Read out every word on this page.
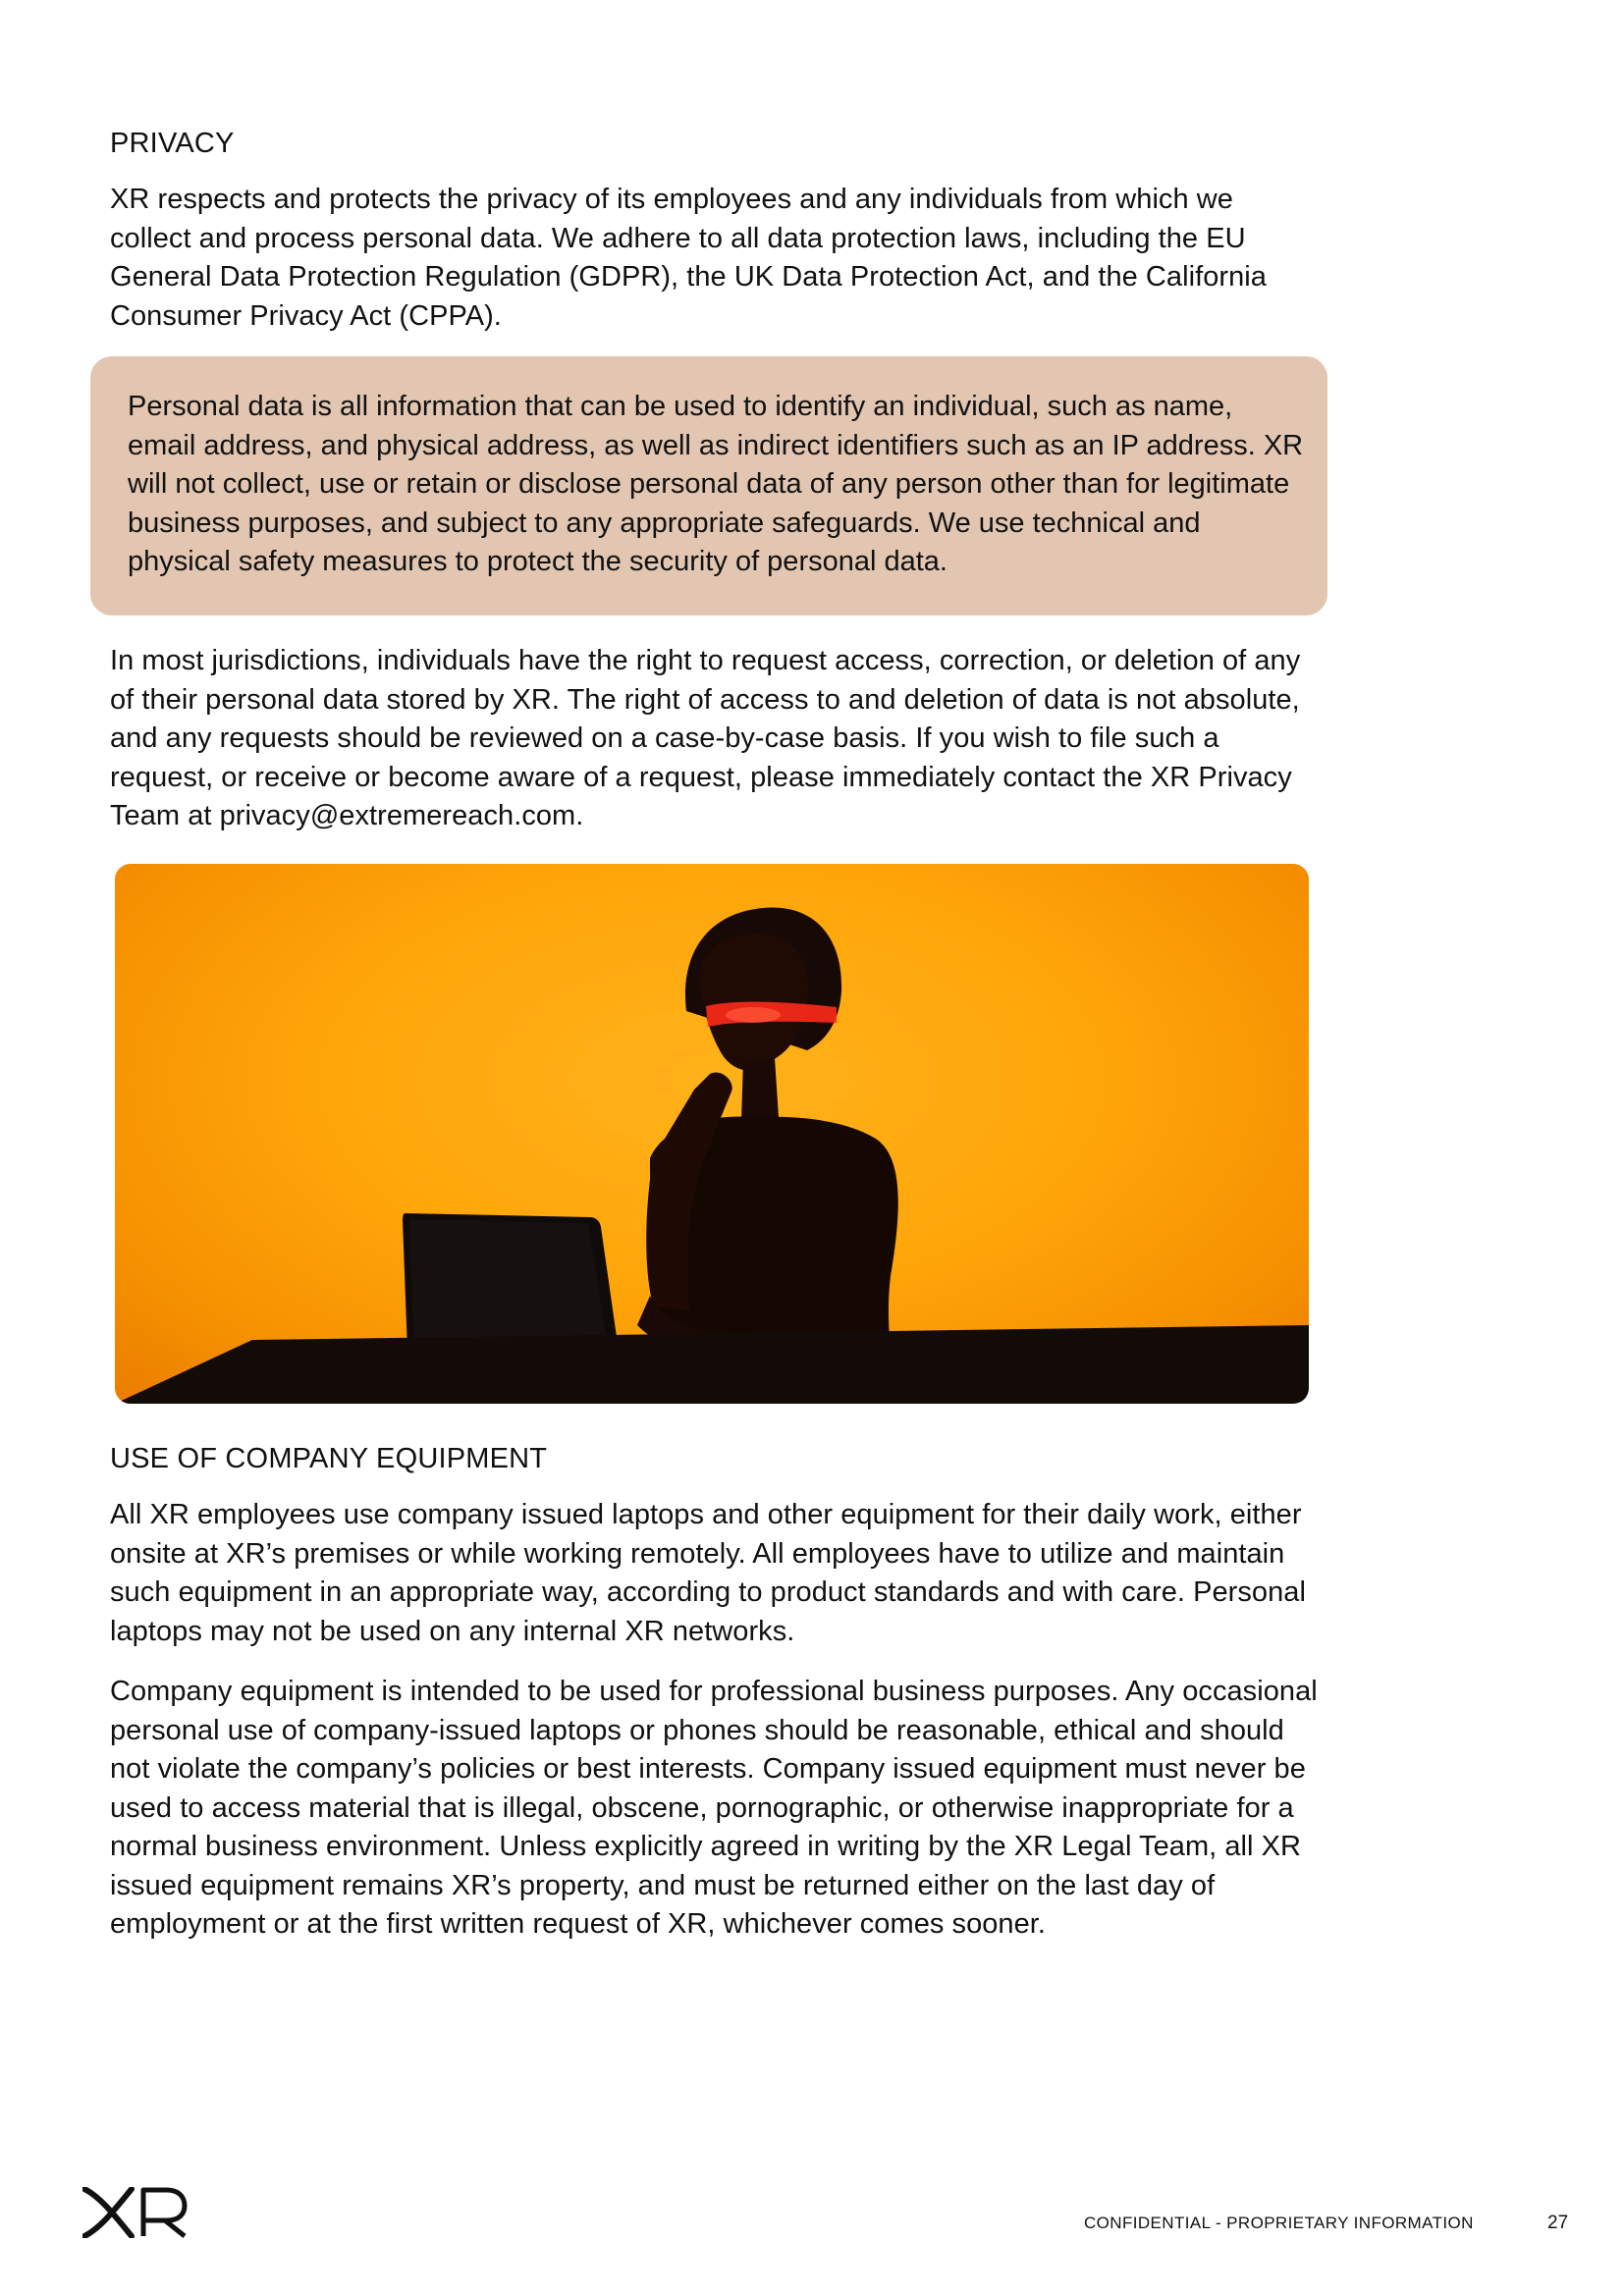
PRIVACY

XR respects and protects the privacy of its employees and any individuals from which we collect and process personal data. We adhere to all data protection laws, including the EU General Data Protection Regulation (GDPR), the UK Data Protection Act, and the California Consumer Privacy Act (CPPA).

Personal data is all information that can be used to identify an individual, such as name, email address, and physical address, as well as indirect identifiers such as an IP address. XR will not collect, use or retain or disclose personal data of any person other than for legitimate business purposes, and subject to any appropriate safeguards. We use technical and physical safety measures to protect the security of personal data.

In most jurisdictions, individuals have the right to request access, correction, or deletion of any of their personal data stored by XR. The right of access to and deletion of data is not absolute, and any requests should be reviewed on a case-by-case basis. If you wish to file such a request, or receive or become aware of a request, please immediately contact the XR Privacy Team at privacy@extremereach.com.

USE OF COMPANY EQUIPMENT

All XR employees use company issued laptops and other equipment for their daily work, either onsite at XR’s premises or while working remotely. All employees have to utilize and maintain such equipment in an appropriate way, according to product standards and with care. Personal laptops may not be used on any internal XR networks.

Company equipment is intended to be used for professional business purposes. Any occasional personal use of company-issued laptops or phones should be reasonable, ethical and should not violate the company’s policies or best interests. Company issued equipment must never be used to access material that is illegal, obscene, pornographic, or otherwise inappropriate for a normal business environment. Unless explicitly agreed in writing by the XR Legal Team, all XR issued equipment remains XR’s property, and must be returned either on the last day of employment or at the first written request of XR, whichever comes sooner.

CONFIDENTIAL - PROPRIETARY INFORMATION	27
